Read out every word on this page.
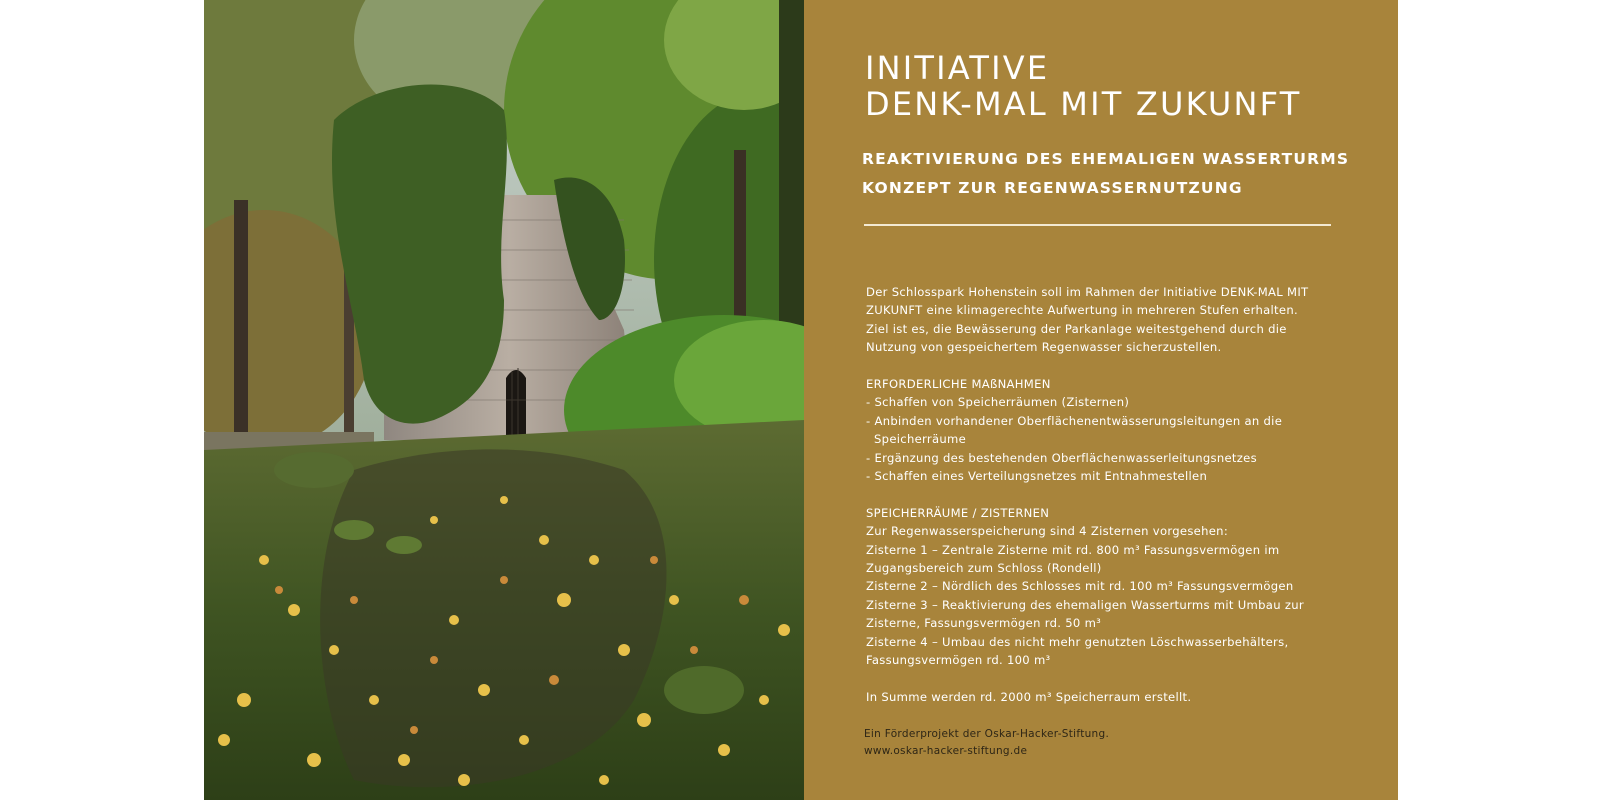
INITIATIVE
DENK-MAL MIT ZUKUNFT
REAKTIVIERUNG DES EHEMALIGEN WASSERTURMS
KONZEPT ZUR REGENWASSERNUTZUNG

Der Schlosspark Hohenstein soll im Rahmen der Initiative DENK-MAL MIT

ZUKUNFT eine klimagerechte Aufwertung in mehreren Stufen erhalten.

Ziel ist es, die Bewässerung der Parkanlage weitestgehend durch die

Nutzung von gespeichertem Regenwasser sicherzustellen.

ERFORDERLICHE MAßNAHMEN

- Schaffen von Speicherräumen (Zisternen)

- Anbinden vorhandener Oberflächenentwässerungsleitungen an die

Speicherräume

- Ergänzung des bestehenden Oberflächenwasserleitungsnetzes

- Schaffen eines Verteilungsnetzes mit Entnahmestellen

SPEICHERRÄUME / ZISTERNEN

Zur Regenwasserspeicherung sind 4 Zisternen vorgesehen:

Zisterne 1 – Zentrale Zisterne mit rd. 800 m³ Fassungsvermögen im

Zugangsbereich zum Schloss (Rondell)

Zisterne 2 – Nördlich des Schlosses mit rd. 100 m³ Fassungsvermögen

Zisterne 3 – Reaktivierung des ehemaligen Wasserturms mit Umbau zur

Zisterne, Fassungsvermögen rd. 50 m³

Zisterne 4 – Umbau des nicht mehr genutzten Löschwasserbehälters,

Fassungsvermögen rd. 100 m³

In Summe werden rd. 2000 m³ Speicherraum erstellt.

Ein Förderprojekt der Oskar-Hacker-Stiftung.

www.oskar-hacker-stiftung.de
